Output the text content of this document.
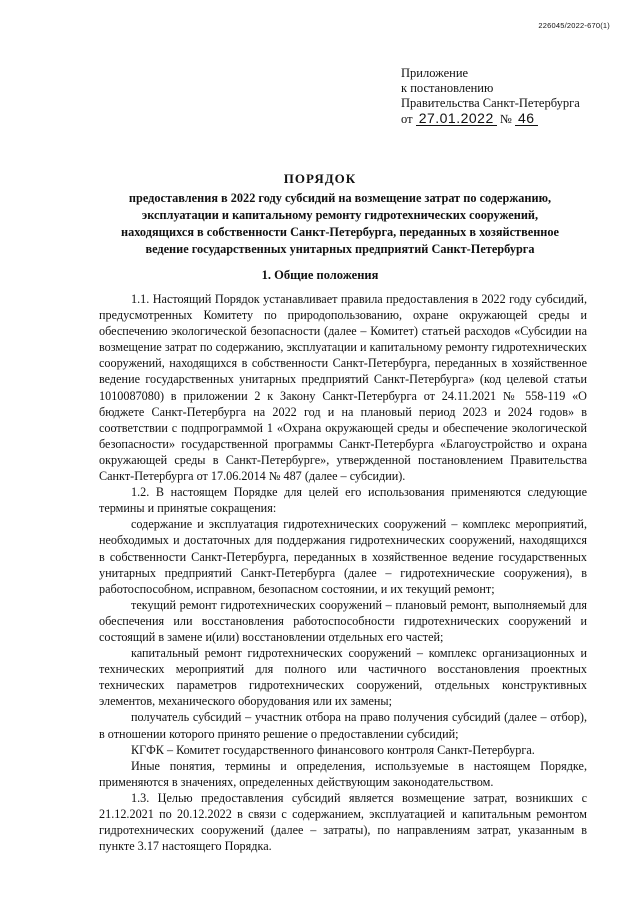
226045/2022-670(1)
Приложение
к постановлению
Правительства Санкт-Петербурга
от 27.01.2022 № 46
ПОРЯДОК
предоставления в 2022 году субсидий на возмещение затрат по содержанию, эксплуатации и капитальному ремонту гидротехнических сооружений, находящихся в собственности Санкт-Петербурга, переданных в хозяйственное ведение государственных унитарных предприятий Санкт-Петербурга
1. Общие положения

1.1. Настоящий Порядок устанавливает правила предоставления в 2022 году субсидий, предусмотренных Комитету по природопользованию, охране окружающей среды и обеспечению экологической безопасности (далее – Комитет) статьей расходов «Субсидии на возмещение затрат по содержанию, эксплуатации и капитальному ремонту гидротехнических сооружений, находящихся в собственности Санкт-Петербурга, переданных в хозяйственное ведение государственных унитарных предприятий Санкт-Петербурга» (код целевой статьи 1010087080) в приложении 2 к Закону Санкт-Петербурга от 24.11.2021 № 558-119 «О бюджете Санкт-Петербурга на 2022 год и на плановый период 2023 и 2024 годов» в соответствии с подпрограммой 1 «Охрана окружающей среды и обеспечение экологической безопасности» государственной программы Санкт-Петербурга «Благоустройство и охрана окружающей среды в Санкт-Петербурге», утвержденной постановлением Правительства Санкт-Петербурга от 17.06.2014 № 487 (далее – субсидии).

1.2. В настоящем Порядке для целей его использования применяются следующие термины и принятые сокращения:

содержание и эксплуатация гидротехнических сооружений – комплекс мероприятий, необходимых и достаточных для поддержания гидротехнических сооружений, находящихся в собственности Санкт-Петербурга, переданных в хозяйственное ведение государственных унитарных предприятий Санкт-Петербурга (далее – гидротехнические сооружения), в работоспособном, исправном, безопасном состоянии, и их текущий ремонт;

текущий ремонт гидротехнических сооружений – плановый ремонт, выполняемый для обеспечения или восстановления работоспособности гидротехнических сооружений и состоящий в замене и(или) восстановлении отдельных его частей;

капитальный ремонт гидротехнических сооружений – комплекс организационных и технических мероприятий для полного или частичного восстановления проектных технических параметров гидротехнических сооружений, отдельных конструктивных элементов, механического оборудования или их замены;

получатель субсидий – участник отбора на право получения субсидий (далее – отбор), в отношении которого принято решение о предоставлении субсидий;

КГФК – Комитет государственного финансового контроля Санкт-Петербурга.

Иные понятия, термины и определения, используемые в настоящем Порядке, применяются в значениях, определенных действующим законодательством.

1.3. Целью предоставления субсидий является возмещение затрат, возникших с 21.12.2021 по 20.12.2022 в связи с содержанием, эксплуатацией и капитальным ремонтом гидротехнических сооружений (далее – затраты), по направлениям затрат, указанным в пункте 3.17 настоящего Порядка.
